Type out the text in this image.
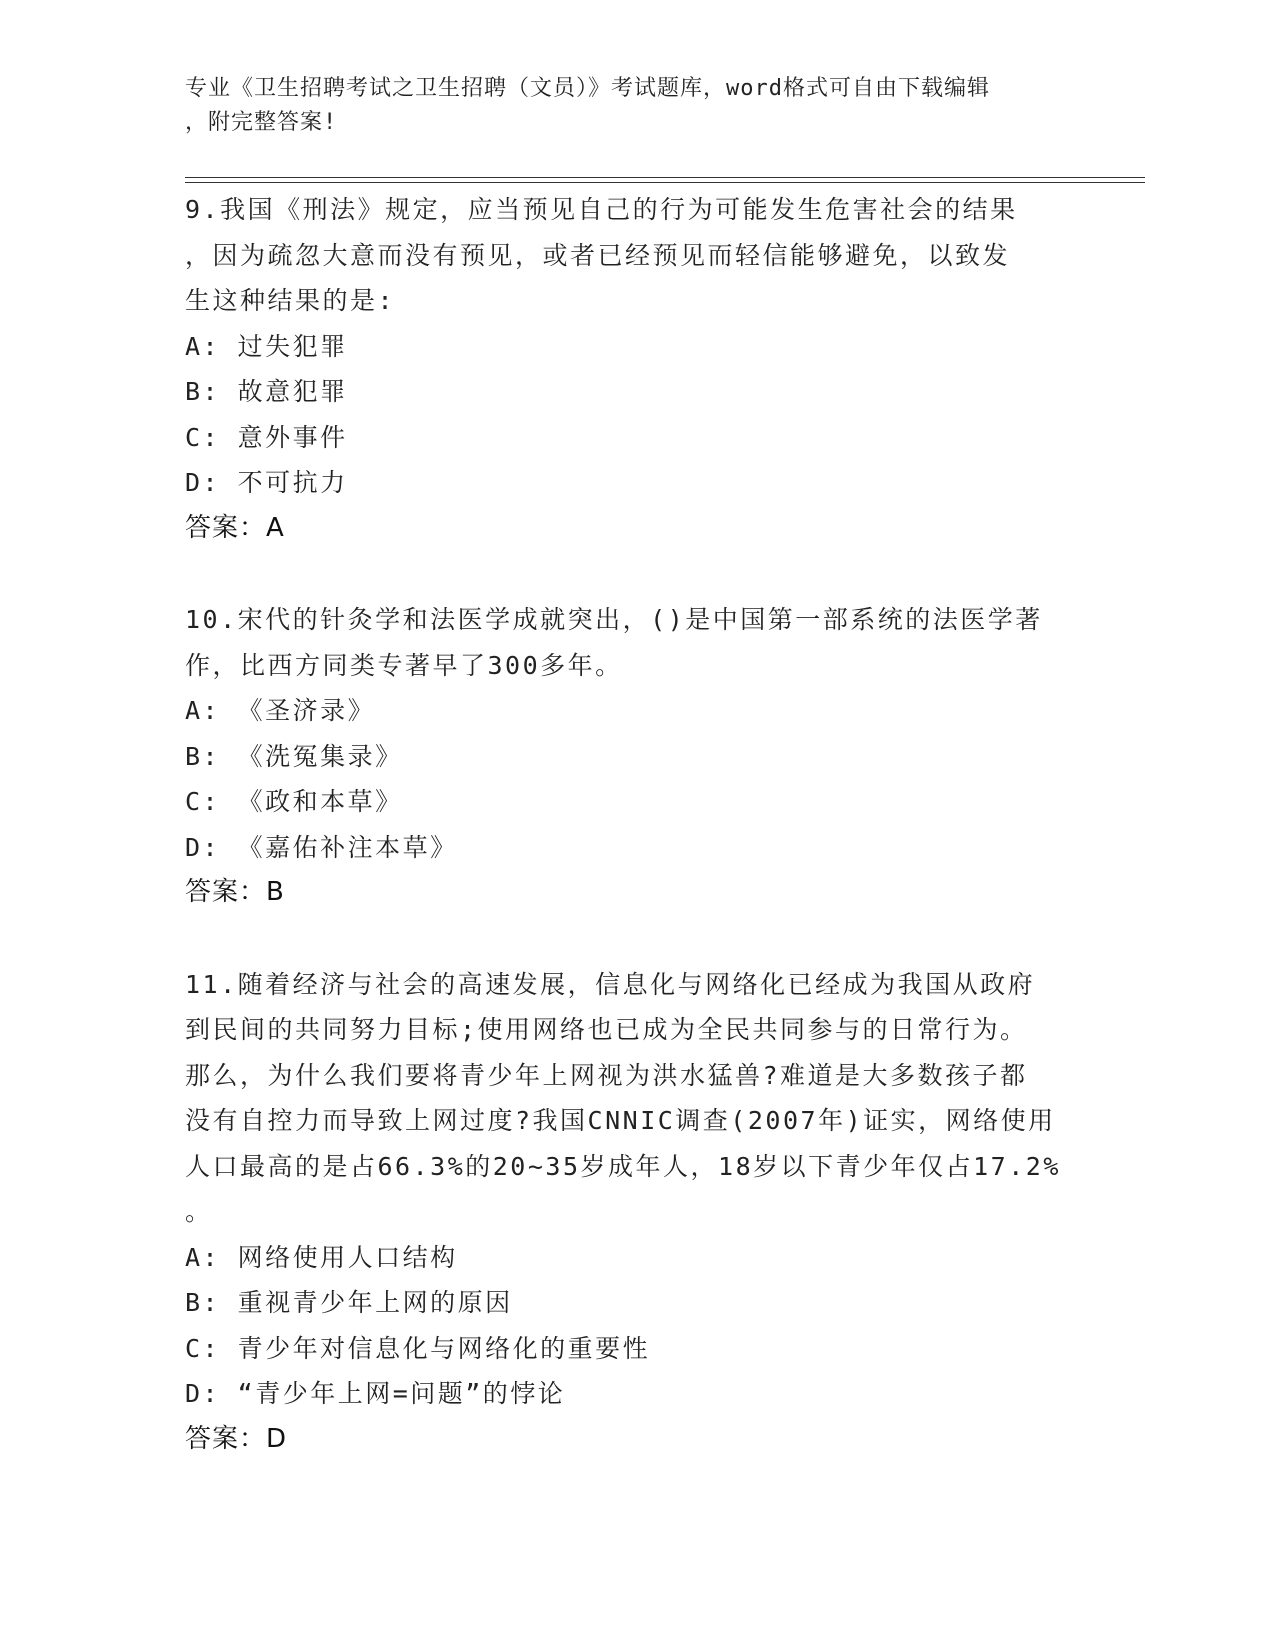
专业《卫生招聘考试之卫生招聘（文员）》考试题库，word格式可自由下载编辑
，附完整答案!
9.我国《刑法》规定，应当预见自己的行为可能发生危害社会的结果
，因为疏忽大意而没有预见，或者已经预见而轻信能够避免，以致发
生这种结果的是:
A: 过失犯罪
B: 故意犯罪
C: 意外事件
D: 不可抗力
答案：A
10.宋代的针灸学和法医学成就突出，()是中国第一部系统的法医学著
作，比西方同类专著早了300多年。
A: 《圣济录》
B: 《洗冤集录》
C: 《政和本草》
D: 《嘉佑补注本草》
答案：B
11.随着经济与社会的高速发展，信息化与网络化已经成为我国从政府
到民间的共同努力目标;使用网络也已成为全民共同参与的日常行为。
那么，为什么我们要将青少年上网视为洪水猛兽?难道是大多数孩子都
没有自控力而导致上网过度?我国CNNIC调查(2007年)证实，网络使用
人口最高的是占66.3%的20~35岁成年人，18岁以下青少年仅占17.2%
。
A: 网络使用人口结构
B: 重视青少年上网的原因
C: 青少年对信息化与网络化的重要性
D: “青少年上网=问题”的悖论
答案：D
